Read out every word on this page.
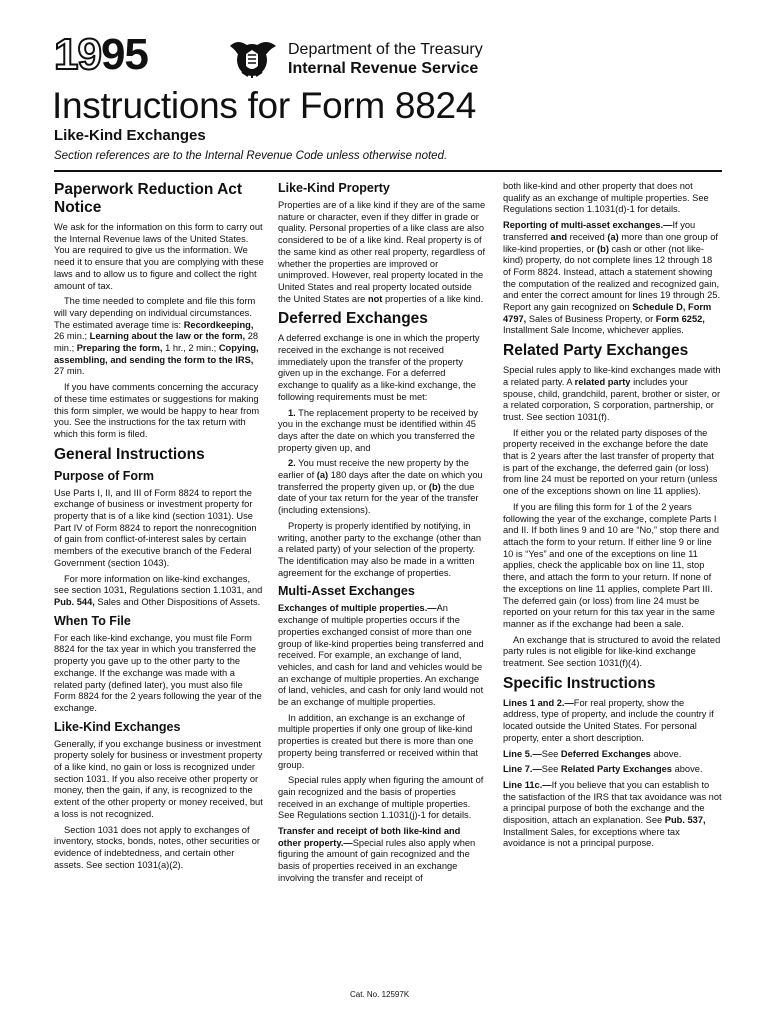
1995	Department of the Treasury
Internal Revenue Service
Instructions for Form 8824
Like-Kind Exchanges
Section references are to the Internal Revenue Code unless otherwise noted.
Paperwork Reduction Act Notice

We ask for the information on this form to carry out the Internal Revenue laws of the United States. You are required to give us the information. We need it to ensure that you are complying with these laws and to allow us to figure and collect the right amount of tax.

The time needed to complete and file this form will vary depending on individual circumstances. The estimated average time is: Recordkeeping, 26 min.; Learning about the law or the form, 28 min.; Preparing the form, 1 hr., 2 min.; Copying, assembling, and sending the form to the IRS, 27 min.

If you have comments concerning the accuracy of these time estimates or suggestions for making this form simpler, we would be happy to hear from you. See the instructions for the tax return with which this form is filed.

General Instructions
Purpose of Form

Use Parts I, II, and III of Form 8824 to report the exchange of business or investment property for property that is of a like kind (section 1031). Use Part IV of Form 8824 to report the nonrecognition of gain from conflict-of-interest sales by certain members of the executive branch of the Federal Government (section 1043).

For more information on like-kind exchanges, see section 1031, Regulations section 1.1031, and Pub. 544, Sales and Other Dispositions of Assets.

When To File

For each like-kind exchange, you must file Form 8824 for the tax year in which you transferred the property you gave up to the other party to the exchange. If the exchange was made with a related party (defined later), you must also file Form 8824 for the 2 years following the year of the exchange.

Like-Kind Exchanges

Generally, if you exchange business or investment property solely for business or investment property of a like kind, no gain or loss is recognized under section 1031. If you also receive other property or money, then the gain, if any, is recognized to the extent of the other property or money received, but a loss is not recognized.

Section 1031 does not apply to exchanges of inventory, stocks, bonds, notes, other securities or evidence of indebtedness, and certain other assets. See section 1031(a)(2).

Like-Kind Property

Properties are of a like kind if they are of the same nature or character, even if they differ in grade or quality. Personal properties of a like class are also considered to be of a like kind. Real property is of the same kind as other real property, regardless of whether the properties are improved or unimproved. However, real property located in the United States and real property located outside the United States are not properties of a like kind.

Deferred Exchanges

A deferred exchange is one in which the property received in the exchange is not received immediately upon the transfer of the property given up in the exchange. For a deferred exchange to qualify as a like-kind exchange, the following requirements must be met:

1. The replacement property to be received by you in the exchange must be identified within 45 days after the date on which you transferred the property given up, and

2. You must receive the new property by the earlier of (a) 180 days after the date on which you transferred the property given up, or (b) the due date of your tax return for the year of the transfer (including extensions).

Property is properly identified by notifying, in writing, another party to the exchange (other than a related party) of your selection of the property. The identification may also be made in a written agreement for the exchange of properties.

Multi-Asset Exchanges

Exchanges of multiple properties.—An exchange of multiple properties occurs if the properties exchanged consist of more than one group of like-kind properties being transferred and received. For example, an exchange of land, vehicles, and cash for land and vehicles would be an exchange of multiple properties. An exchange of land, vehicles, and cash for only land would not be an exchange of multiple properties.

In addition, an exchange is an exchange of multiple properties if only one group of like-kind properties is created but there is more than one property being transferred or received within that group.

Special rules apply when figuring the amount of gain recognized and the basis of properties received in an exchange of multiple properties. See Regulations section 1.1031(j)-1 for details.

Transfer and receipt of both like-kind and other property.—Special rules also apply when figuring the amount of gain recognized and the basis of properties received in an exchange involving the transfer and receipt of

both like-kind and other property that does not qualify as an exchange of multiple properties. See Regulations section 1.1031(d)-1 for details.

Reporting of multi-asset exchanges.—If you transferred and received (a) more than one group of like-kind properties, or (b) cash or other (not like-kind) property, do not complete lines 12 through 18 of Form 8824. Instead, attach a statement showing the computation of the realized and recognized gain, and enter the correct amount for lines 19 through 25. Report any gain recognized on Schedule D, Form 4797, Sales of Business Property, or Form 6252, Installment Sale Income, whichever applies.

Related Party Exchanges

Special rules apply to like-kind exchanges made with a related party. A related party includes your spouse, child, grandchild, parent, brother or sister, or a related corporation, S corporation, partnership, or trust. See section 1031(f).

If either you or the related party disposes of the property received in the exchange before the date that is 2 years after the last transfer of property that is part of the exchange, the deferred gain (or loss) from line 24 must be reported on your return (unless one of the exceptions shown on line 11 applies).

If you are filing this form for 1 of the 2 years following the year of the exchange, complete Parts I and II. If both lines 9 and 10 are “No,” stop there and attach the form to your return. If either line 9 or line 10 is “Yes” and one of the exceptions on line 11 applies, check the applicable box on line 11, stop there, and attach the form to your return. If none of the exceptions on line 11 applies, complete Part III. The deferred gain (or loss) from line 24 must be reported on your return for this tax year in the same manner as if the exchange had been a sale.

An exchange that is structured to avoid the related party rules is not eligible for like-kind exchange treatment. See section 1031(f)(4).

Specific Instructions

Lines 1 and 2.—For real property, show the address, type of property, and include the country if located outside the United States. For personal property, enter a short description.

Line 5.—See Deferred Exchanges above.

Line 7.—See Related Party Exchanges above.

Line 11c.—If you believe that you can establish to the satisfaction of the IRS that tax avoidance was not a principal purpose of both the exchange and the disposition, attach an explanation. See Pub. 537, Installment Sales, for exceptions where tax avoidance is not a principal purpose.

Cat. No. 12597K
